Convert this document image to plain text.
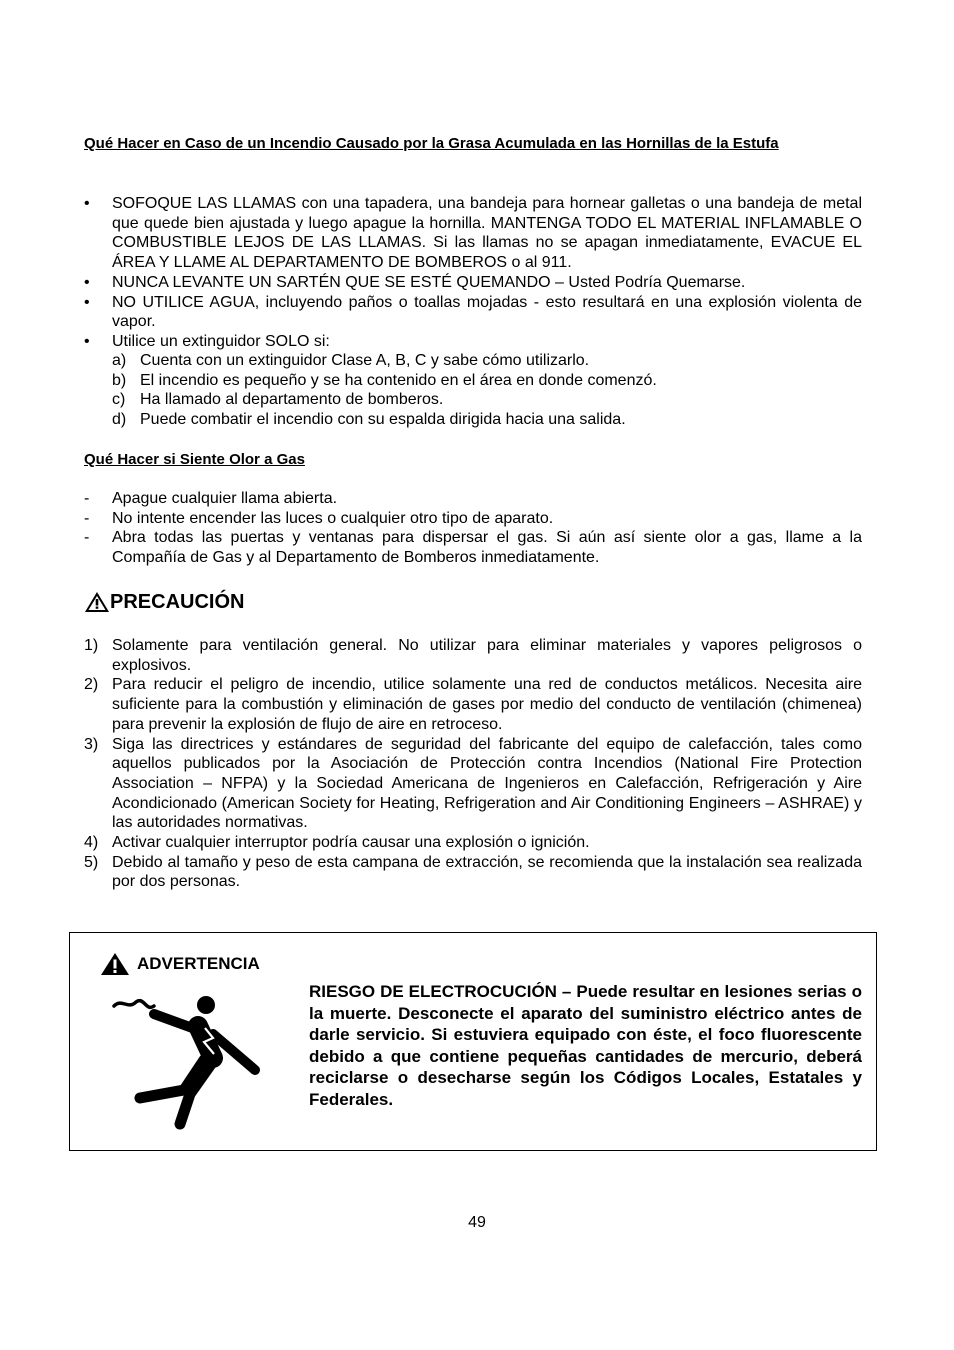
Qué Hacer en Caso de un Incendio Causado por la Grasa Acumulada en las Hornillas de la Estufa
• SOFOQUE LAS LLAMAS con una tapadera, una bandeja para hornear galletas o una bandeja de metal que quede bien ajustada y luego apague la hornilla. MANTENGA TODO EL MATERIAL INFLAMABLE O COMBUSTIBLE LEJOS DE LAS LLAMAS. Si las llamas no se apagan inmediatamente, EVACUE EL ÁREA Y LLAME AL DEPARTAMENTO DE BOMBEROS o al 911.
• NUNCA LEVANTE UN SARTÉN QUE SE ESTÉ QUEMANDO – Usted Podría Quemarse.
• NO UTILICE AGUA, incluyendo paños o toallas mojadas - esto resultará en una explosión violenta de vapor.
• Utilice un extinguidor SOLO si:
a) Cuenta con un extinguidor Clase A, B, C y sabe cómo utilizarlo.
b) El incendio es pequeño y se ha contenido en el área en donde comenzó.
c) Ha llamado al departamento de bomberos.
d) Puede combatir el incendio con su espalda dirigida hacia una salida.
Qué Hacer si Siente Olor a Gas
- Apague cualquier llama abierta.
- No intente encender las luces o cualquier otro tipo de aparato.
- Abra todas las puertas y ventanas para dispersar el gas. Si aún así siente olor a gas, llame a la Compañía de Gas y al Departamento de Bomberos inmediatamente.
PRECAUCIÓN
1) Solamente para ventilación general. No utilizar para eliminar materiales y vapores peligrosos o explosivos.
2) Para reducir el peligro de incendio, utilice solamente una red de conductos metálicos. Necesita aire suficiente para la combustión y eliminación de gases por medio del conducto de ventilación (chimenea) para prevenir la explosión de flujo de aire en retroceso.
3) Siga las directrices y estándares de seguridad del fabricante del equipo de calefacción, tales como aquellos publicados por la Asociación de Protección contra Incendios (National Fire Protection Association – NFPA) y la Sociedad Americana de Ingenieros en Calefacción, Refrigeración y Aire Acondicionado (American Society for Heating, Refrigeration and Air Conditioning Engineers – ASHRAE) y las autoridades normativas.
4) Activar cualquier interruptor podría causar una explosión o ignición.
5) Debido al tamaño y peso de esta campana de extracción, se recomienda que la instalación sea realizada por dos personas.
ADVERTENCIA
RIESGO DE ELECTROCUCIÓN – Puede resultar en lesiones serias o la muerte. Desconecte el aparato del suministro eléctrico antes de darle servicio. Si estuviera equipado con éste, el foco fluorescente debido a que contiene pequeñas cantidades de mercurio, deberá reciclarse o desecharse según los Códigos Locales, Estatales y Federales.
49
